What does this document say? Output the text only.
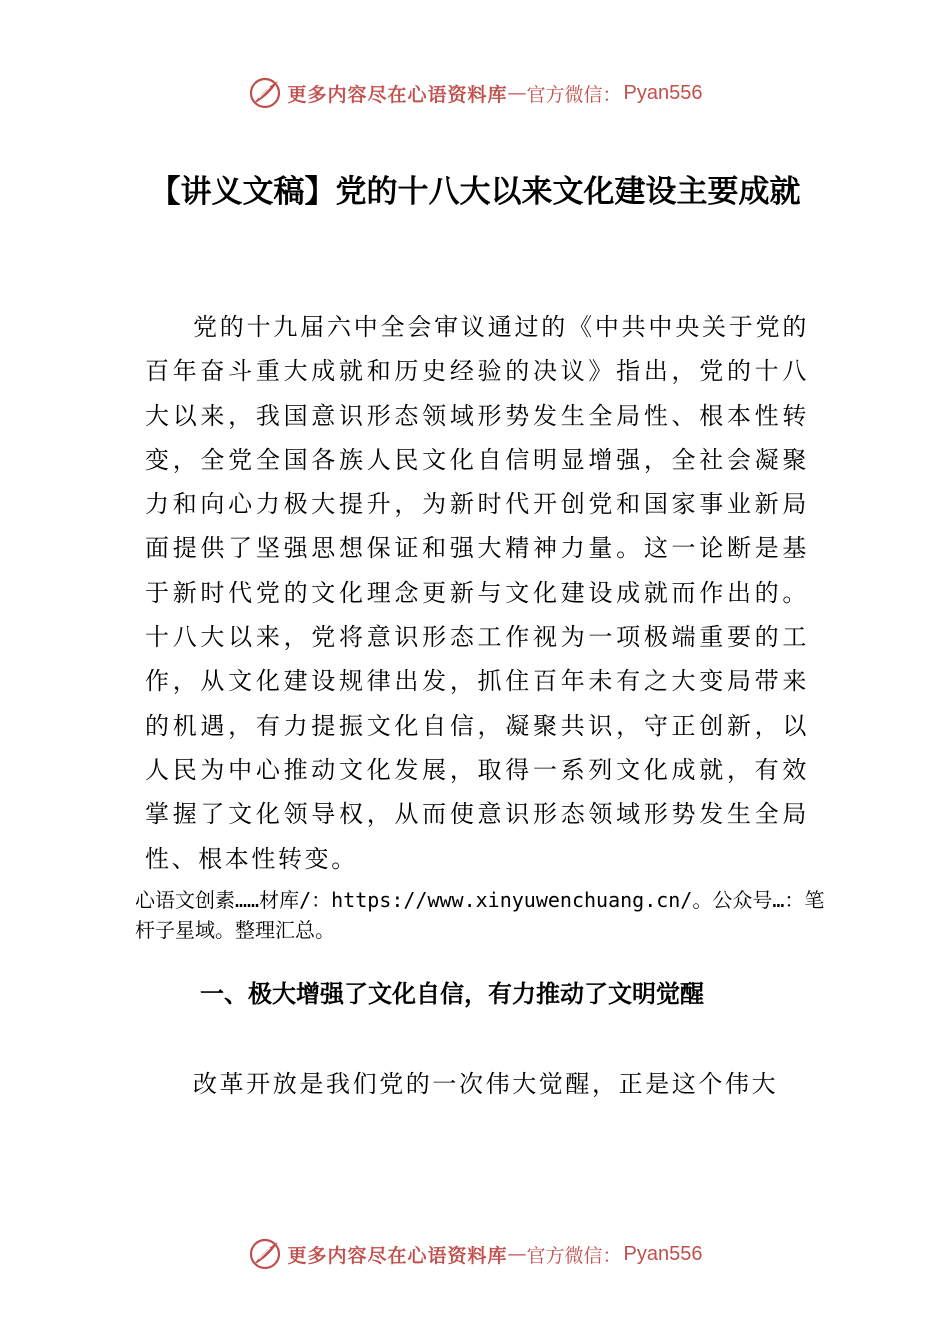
更多内容尽在心语资料库 — 官方微信： Pyan556
【讲义文稿】党的十八大以来文化建设主要成就

党的十九届六中全会审议通过的《中共中央关于党的百年奋斗重大成就和历史经验的决议》指出，党的十八大以来，我国意识形态领域形势发生全局性、根本性转变，全党全国各族人民文化自信明显增强，全社会凝聚力和向心力极大提升，为新时代开创党和国家事业新局面提供了坚强思想保证和强大精神力量。这一论断是基于新时代党的文化理念更新与文化建设成就而作出的。十八大以来，党将意识形态工作视为一项极端重要的工作，从文化建设规律出发，抓住百年未有之大变局带来的机遇，有力提振文化自信，凝聚共识，守正创新，以人民为中心推动文化发展，取得一系列文化成就，有效掌握了文化领导权，从而使意识形态领域形势发生全局性、根本性转变。

心语文创素……材库/：https://www.xinyuwenchuang.cn/。公众号…：笔杆子星域。整理汇总。

一、极大增强了文化自信，有力推动了文明觉醒

改革开放是我们党的一次伟大觉醒，正是这个伟大

更多内容尽在心语资料库 — 官方微信： Pyan556
